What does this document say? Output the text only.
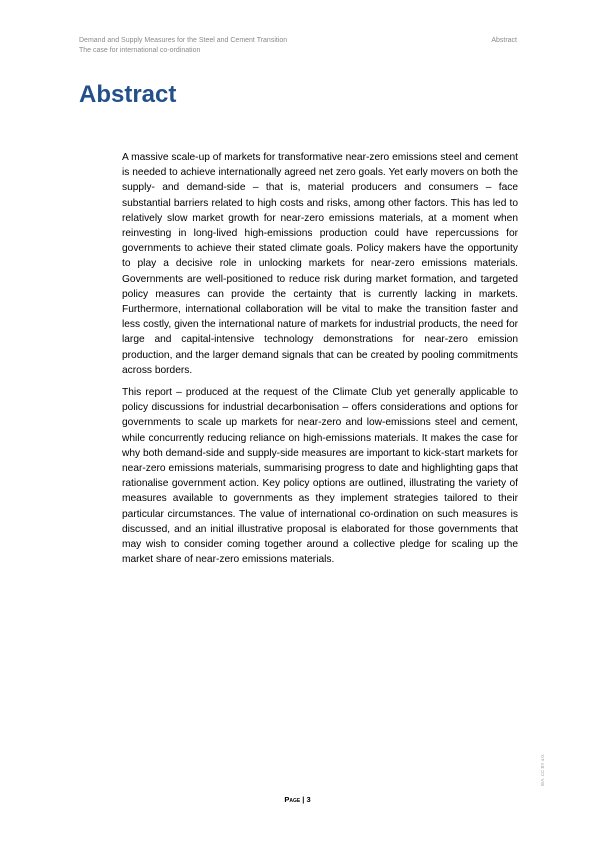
Demand and Supply Measures for the Steel and Cement Transition
The case for international co-ordination
Abstract
Abstract

A massive scale-up of markets for transformative near-zero emissions steel and cement is needed to achieve internationally agreed net zero goals. Yet early movers on both the supply- and demand-side – that is, material producers and consumers – face substantial barriers related to high costs and risks, among other factors. This has led to relatively slow market growth for near-zero emissions materials, at a moment when reinvesting in long-lived high-emissions production could have repercussions for governments to achieve their stated climate goals. Policy makers have the opportunity to play a decisive role in unlocking markets for near-zero emissions materials. Governments are well-positioned to reduce risk during market formation, and targeted policy measures can provide the certainty that is currently lacking in markets. Furthermore, international collaboration will be vital to make the transition faster and less costly, given the international nature of markets for industrial products, the need for large and capital-intensive technology demonstrations for near-zero emission production, and the larger demand signals that can be created by pooling commitments across borders.

This report – produced at the request of the Climate Club yet generally applicable to policy discussions for industrial decarbonisation – offers considerations and options for governments to scale up markets for near-zero and low-emissions steel and cement, while concurrently reducing reliance on high-emissions materials. It makes the case for why both demand-side and supply-side measures are important to kick-start markets for near-zero emissions materials, summarising progress to date and highlighting gaps that rationalise government action. Key policy options are outlined, illustrating the variety of measures available to governments as they implement strategies tailored to their particular circumstances. The value of international co-ordination on such measures is discussed, and an initial illustrative proposal is elaborated for those governments that may wish to consider coming together around a collective pledge for scaling up the market share of near-zero emissions materials.

Page | 3
IEA. CC BY 4.0.
